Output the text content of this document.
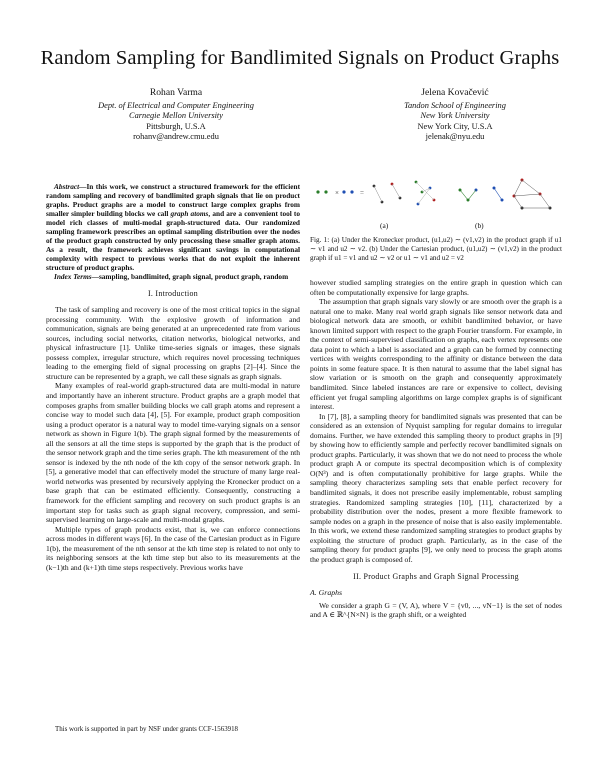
Random Sampling for Bandlimited Signals on Product Graphs
Rohan Varma
Dept. of Electrical and Computer Engineering
Carnegie Mellon University
Pittsburgh, U.S.A
rohanv@andrew.cmu.edu
Jelena Kovačević
Tandon School of Engineering
New York University
New York City, U.S.A
jelenak@nyu.edu

Abstract—In this work, we construct a structured framework for the efficient random sampling and recovery of bandlimited graph signals that lie on product graphs. Product graphs are a model to construct large complex graphs from smaller simpler building blocks we call graph atoms, and are a convenient tool to model rich classes of multi-modal graph-structured data. Our randomized sampling framework prescribes an optimal sampling distribution over the nodes of the product graph constructed by only processing these smaller graph atoms. As a result, the framework achieves significant savings in computational complexity with respect to previous works that do not exploit the inherent structure of product graphs.

Index Terms—sampling, bandlimited, graph signal, product graph, random

I. Introduction

The task of sampling and recovery is one of the most critical topics in the signal processing community. With the explosive growth of information and communication, signals are being generated at an unprecedented rate from various sources, including social networks, citation networks, biological networks, and physical infrastructure [1]. Unlike time-series signals or images, these signals possess complex, irregular structure, which requires novel processing techniques leading to the emerging field of signal processing on graphs [2]–[4]. Since the structure can be represented by a graph, we call these signals as graph signals.

Many examples of real-world graph-structured data are multi-modal in nature and importantly have an inherent structure. Product graphs are a graph model that composes graphs from smaller building blocks we call graph atoms and represent a concise way to model such data [4], [5]. For example, product graph composition using a product operator is a natural way to model time-varying signals on a sensor network as shown in Figure 1(b). The graph signal formed by the measurements of all the sensors at all the time steps is supported by the graph that is the product of the sensor network graph and the time series graph. The kth measurement of the nth sensor is indexed by the nth node of the kth copy of the sensor network graph. In [5], a generative model that can effectively model the structure of many large real-world networks was presented by recursively applying the Kronecker product on a base graph that can be estimated efficiently. Consequently, constructing a framework for the efficient sampling and recovery on such product graphs is an important step for tasks such as graph signal recovery, compression, and semi-supervised learning on large-scale and multi-modal graphs.

Multiple types of graph products exist, that is, we can enforce connections across modes in different ways [6]. In the case of the Cartesian product as in Figure 1(b), the measurement of the nth sensor at the kth time step is related to not only to its neighboring sensors at the kth time step but also to its measurements at the (k−1)th and (k+1)th time steps respectively. Previous works have

This work is supported in part by NSF under grants CCF-1563918
×	=
(a)	(b)
Fig. 1: (a) Under the Kronecker product, (u1,u2) ∼ (v1,v2) in the product graph if u1 ∼ v1 and u2 ∼ v2. (b) Under the Cartesian product, (u1,u2) ∼ (v1,v2) in the product graph if u1 = v1 and u2 ∼ v2 or u1 ∼ v1 and u2 = v2

however studied sampling strategies on the entire graph in question which can often be computationally expensive for large graphs.

The assumption that graph signals vary slowly or are smooth over the graph is a natural one to make. Many real world graph signals like sensor network data and biological network data are smooth, or exhibit bandlimited behavior, or have known limited support with respect to the graph Fourier transform. For example, in the context of semi-supervised classification on graphs, each vertex represents one data point to which a label is associated and a graph can be formed by connecting vertices with weights corresponding to the affinity or distance between the data points in some feature space. It is then natural to assume that the label signal has slow variation or is smooth on the graph and consequently approximately bandlimited. Since labeled instances are rare or expensive to collect, devising efficient yet frugal sampling algorithms on large complex graphs is of significant interest.

In [7], [8], a sampling theory for bandlimited signals was presented that can be considered as an extension of Nyquist sampling for regular domains to irregular domains. Further, we have extended this sampling theory to product graphs in [9] by showing how to efficiently sample and perfectly recover bandlimited signals on product graphs. Particularly, it was shown that we do not need to process the whole product graph A or compute its spectral decomposition which is of complexity O(N³) and is often computationally prohibitive for large graphs. While the sampling theory characterizes sampling sets that enable perfect recovery for bandlimited signals, it does not prescribe easily implementable, robust sampling strategies. Randomized sampling strategies [10], [11], characterized by a probability distribution over the nodes, present a more flexible framework to sample nodes on a graph in the presence of noise that is also easily implementable. In this work, we extend these randomized sampling strategies to product graphs by exploiting the structure of product graph. Particularly, as in the case of the sampling theory for product graphs [9], we only need to process the graph atoms the product graph is composed of.

II. Product Graphs and Graph Signal Processing
A. Graphs

We consider a graph G = (V, A), where V = {v0, ..., vN−1} is the set of nodes and A ∈ ℝ^{N×N} is the graph shift, or a weighted
